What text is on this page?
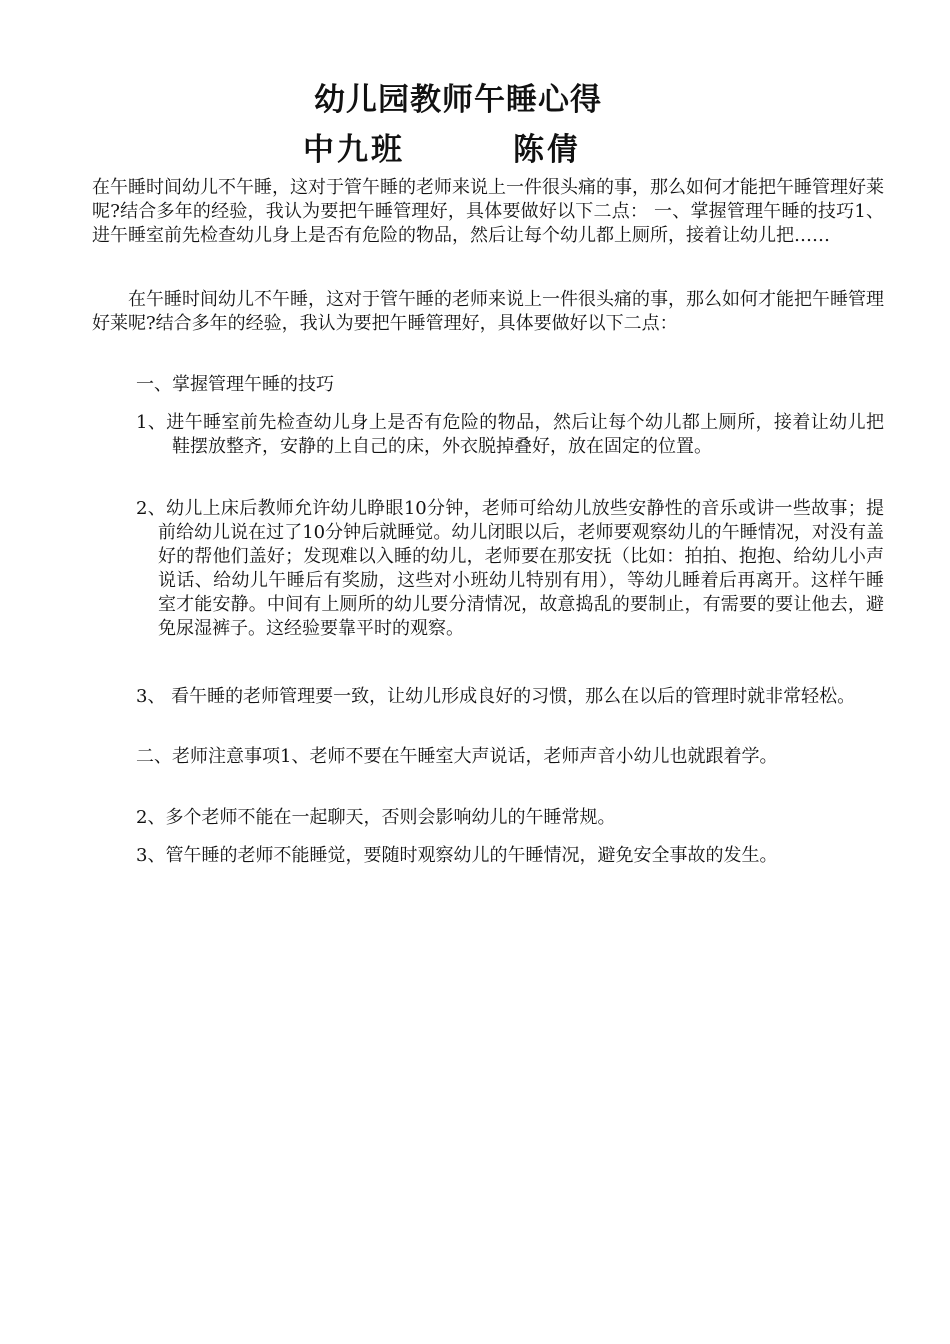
幼儿园教师午睡心得
中九班	陈倩

在午睡时间幼儿不午睡，这对于管午睡的老师来说上一件很头痛的事，那么如何才能把午睡管理好莱呢?结合多年的经验，我认为要把午睡管理好，具体要做好以下二点： 一、掌握管理午睡的技巧1、 进午睡室前先检查幼儿身上是否有危险的物品，然后让每个幼儿都上厕所，接着让幼儿把……

在午睡时间幼儿不午睡，这对于管午睡的老师来说上一件很头痛的事，那么如何才能把午睡管理好莱呢?结合多年的经验，我认为要把午睡管理好，具体要做好以下二点：

一、掌握管理午睡的技巧

1、进午睡室前先检查幼儿身上是否有危险的物品，然后让每个幼儿都上厕所，接着让幼儿把鞋摆放整齐，安静的上自己的床，外衣脱掉叠好，放在固定的位置。

2、幼儿上床后教师允许幼儿睁眼10分钟，老师可给幼儿放些安静性的音乐或讲一些故事；提前给幼儿说在过了10分钟后就睡觉。幼儿闭眼以后，老师要观察幼儿的午睡情况，对没有盖好的帮他们盖好；发现难以入睡的幼儿，老师要在那安抚（比如：拍拍、抱抱、给幼儿小声说话、给幼儿午睡后有奖励，这些对小班幼儿特别有用），等幼儿睡着后再离开。这样午睡室才能安静。中间有上厕所的幼儿要分清情况，故意捣乱的要制止，有需要的要让他去，避免尿湿裤子。这经验要靠平时的观察。

3、 看午睡的老师管理要一致，让幼儿形成良好的习惯，那么在以后的管理时就非常轻松。

二、老师注意事项1、老师不要在午睡室大声说话，老师声音小幼儿也就跟着学。

2、多个老师不能在一起聊天，否则会影响幼儿的午睡常规。

3、管午睡的老师不能睡觉，要随时观察幼儿的午睡情况，避免安全事故的发生。
